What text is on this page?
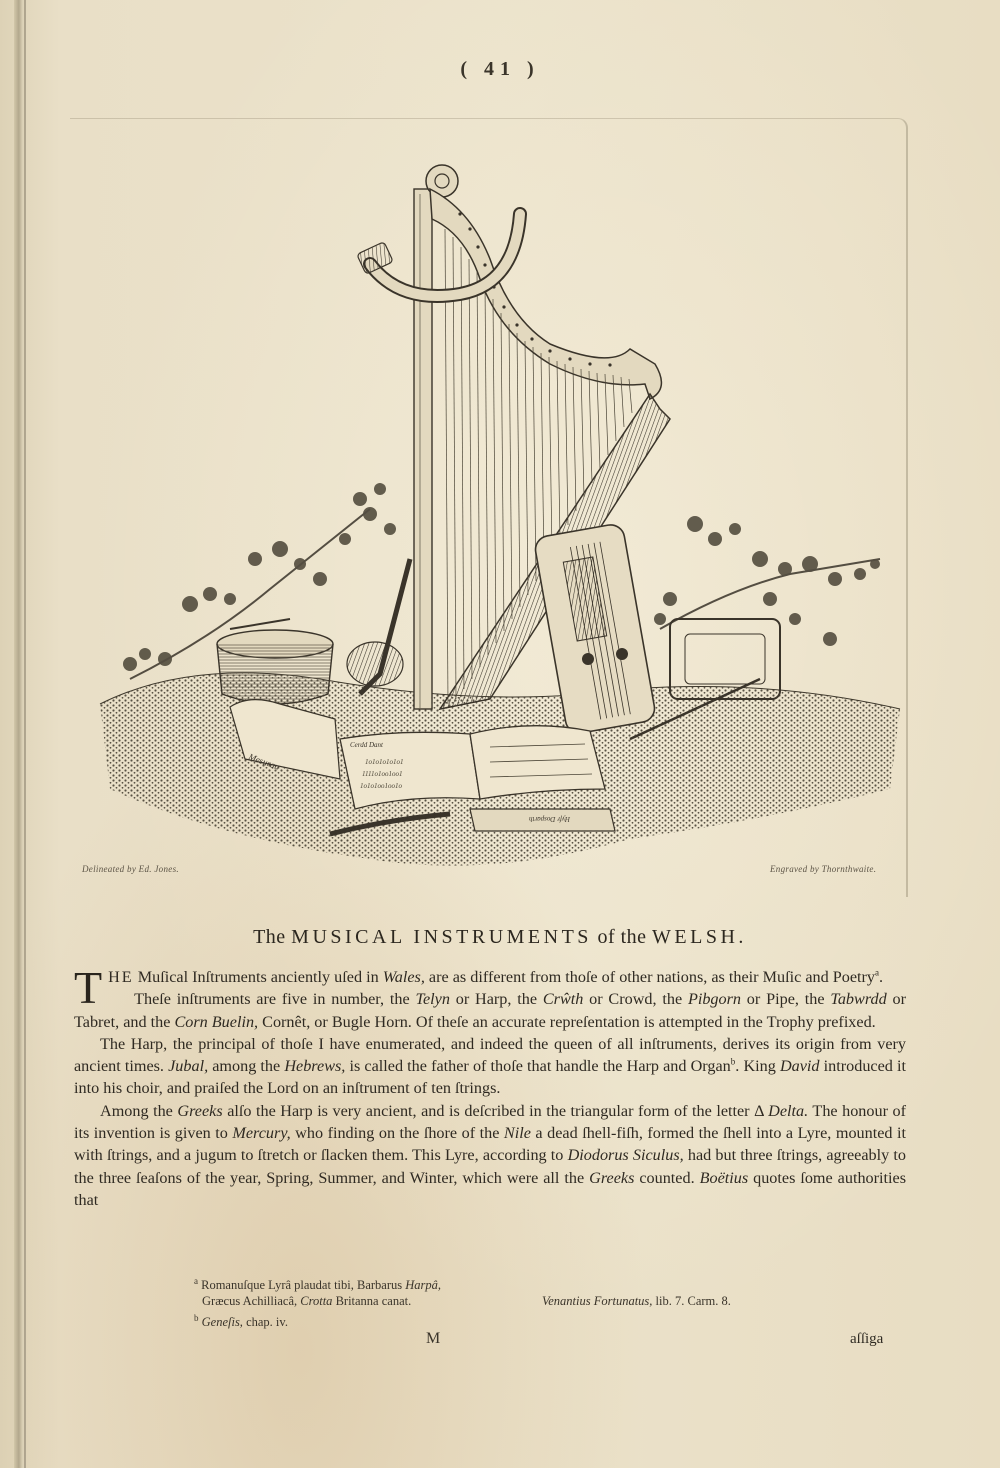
( 41 )
Mesurau
Cerdd Dant
1o1o1o1o1o1
1111o1oo1oo1
1o1o1oo1oo1o
Hyfr Dosparth
Delineated by Ed. Jones.	Engraved by Thornthwaite.
The MUSICAL INSTRUMENTS of the WELSH.

THE Muſical Inſtruments anciently uſed in Wales, are as different from thoſe of other nations, as their Muſic and Poetry$^a$.

Theſe inſtruments are five in number, the Telyn or Harp, the Crŵth or Crowd, the Pibgorn or Pipe, the Tabwrdd or Tabret, and the Corn Buelin, Cornêt, or Bugle Horn. Of theſe an accurate repreſentation is attempted in the Trophy prefixed.

The Harp, the principal of thoſe I have enumerated, and indeed the queen of all inſtruments, derives its origin from very ancient times. Jubal, among the Hebrews, is called the father of thoſe that handle the Harp and Organ$^b$. King David introduced it into his choir, and praiſed the Lord on an inſtrument of ten ſtrings.

Among the Greeks alſo the Harp is very ancient, and is deſcribed in the triangular form of the letter Δ Delta. The honour of its invention is given to Mercury, who finding on the ſhore of the Nile a dead ſhell-fiſh, formed the ſhell into a Lyre, mounted it with ſtrings, and a jugum to ſtretch or ſlacken them. This Lyre, according to Diodorus Siculus, had but three ſtrings, agreeably to the three ſeaſons of the year, Spring, Summer, and Winter, which were all the Greeks counted. Boëtius quotes ſome authorities that

$^a$ Romanuſque Lyrâ plaudat tibi, Barbarus Harpâ,
Græcus Achilliacâ, Crotta Britanna canat.	Venantius Fortunatus, lib. 7. Carm. 8.
$^b$ Geneſis, chap. iv.
M	aſſiga
